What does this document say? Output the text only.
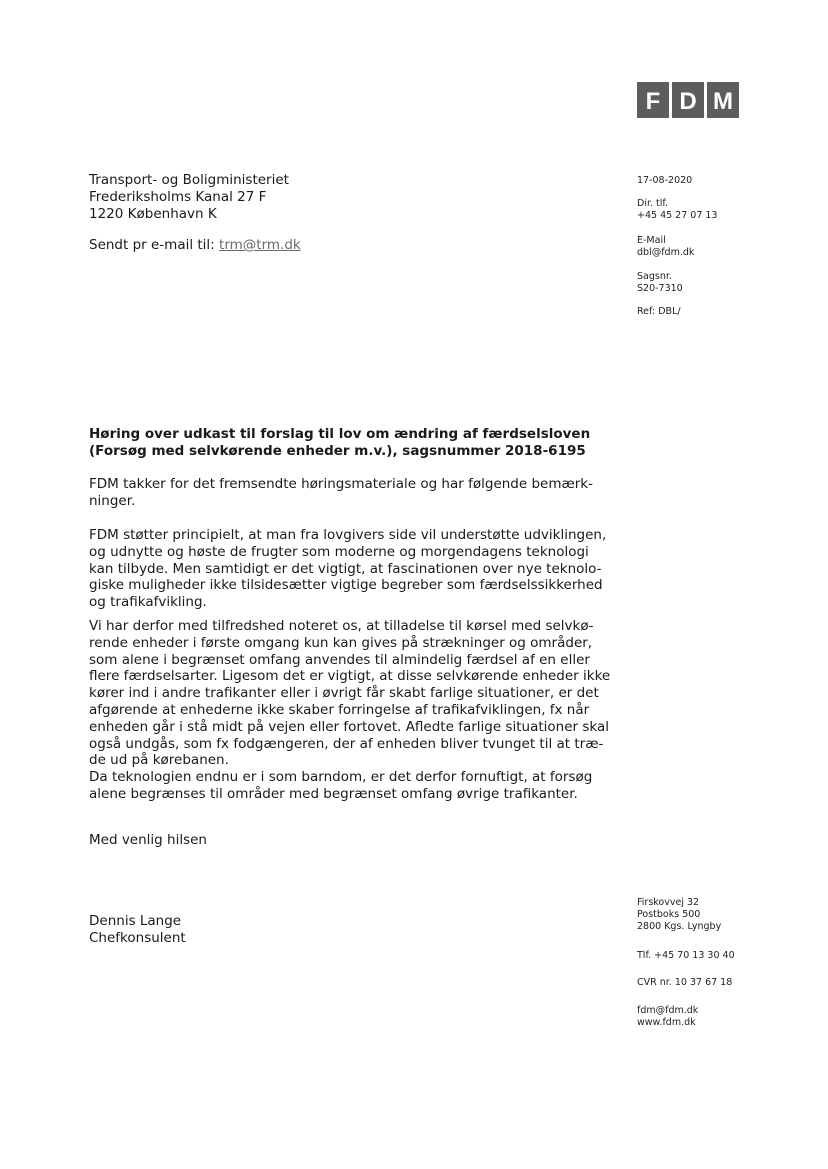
F D M
Transport- og Boligministeriet
Frederiksholms Kanal 27 F
1220 København K
Sendt pr e-mail til: trm@trm.dk
17-08-2020
Dir. tlf.
+45 45 27 07 13
E-Mail
dbl@fdm.dk
Sagsnr.
S20-7310
Ref: DBL/
Høring over udkast til forslag til lov om ændring af færdselsloven
(Forsøg med selvkørende enheder m.v.), sagsnummer 2018-6195
FDM takker for det fremsendte høringsmateriale og har følgende bemærk-
ninger.
FDM støtter principielt, at man fra lovgivers side vil understøtte udviklingen,
og udnytte og høste de frugter som moderne og morgendagens teknologi
kan tilbyde. Men samtidigt er det vigtigt, at fascinationen over nye teknolo-
giske muligheder ikke tilsidesætter vigtige begreber som færdselssikkerhed
og trafikafvikling.
Vi har derfor med tilfredshed noteret os, at tilladelse til kørsel med selvkø-
rende enheder i første omgang kun kan gives på strækninger og områder,
som alene i begrænset omfang anvendes til almindelig færdsel af en eller
flere færdselsarter. Ligesom det er vigtigt, at disse selvkørende enheder ikke
kører ind i andre trafikanter eller i øvrigt får skabt farlige situationer, er det
afgørende at enhederne ikke skaber forringelse af trafikafviklingen, fx når
enheden går i stå midt på vejen eller fortovet. Afledte farlige situationer skal
også undgås, som fx fodgængeren, der af enheden bliver tvunget til at træ-
de ud på kørebanen.
Da teknologien endnu er i som barndom, er det derfor fornuftigt, at forsøg
alene begrænses til områder med begrænset omfang øvrige trafikanter.
Med venlig hilsen
Dennis Lange
Chefkonsulent
Firskovvej 32
Postboks 500
2800 Kgs. Lyngby
Tlf. +45 70 13 30 40
CVR nr. 10 37 67 18
fdm@fdm.dk
www.fdm.dk
